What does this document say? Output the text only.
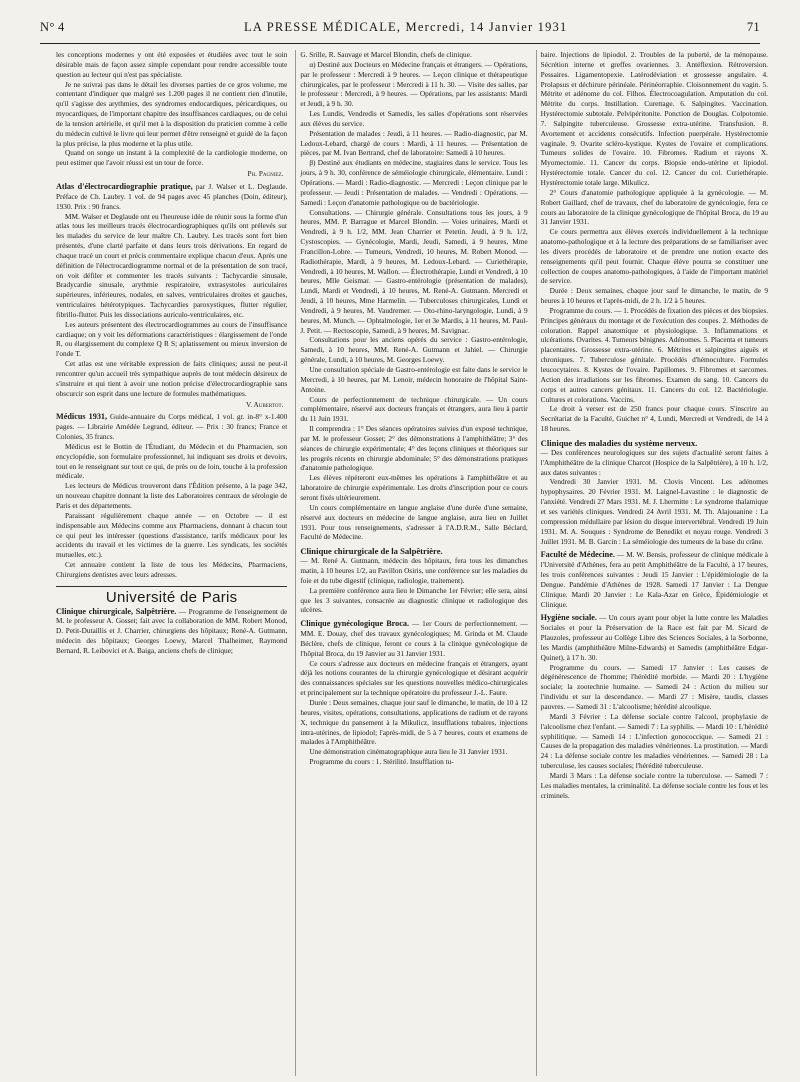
N° 4	LA PRESSE MÉDICALE, Mercredi, 14 Janvier 1931	71

les conceptions modernes y ont été exposées et étudiées avec tout le soin désirable mais de façon assez simple cependant pour rendre accessible toute question au lecteur qui n'est pas spécialiste.

Je ne suivrai pas dans le détail les diverses parties de ce gros volume, me contentant d'indiquer que malgré ses 1.200 pages il ne contient rien d'inutile, qu'il s'agisse des arythmies, des syndromes endocardiques, péricardiques, ou myocardiques, de l'important chapitre des insuffisances cardiaques, ou de celui de la tension artérielle, et qu'il met à la disposition du praticien comme à celle du médecin cultivé le livre qui leur permet d'être renseigné et guidé de la façon la plus précise, la plus moderne et la plus utile.

Quand on songe un instant à la complexité de la cardiologie moderne, on peut estimer que l'avoir réussi est un tour de force.

Ph. Pagniez.

Atlas d'électrocardiographie pratique, par J. Walser et L. Deglaude. Préface de Ch. Laubry. 1 vol. de 94 pages avec 45 planches (Doin, éditeur), 1930. Prix : 90 francs.

MM. Walser et Deglaude ont eu l'heureuse idée de réunir sous la forme d'un atlas tous les meilleurs tracés électrocardiographiques qu'ils ont prélevés sur les malades du service de leur maître Ch. Laubry. Les tracés sont fort bien présentés, d'une clarté parfaite et dans leurs trois dérivations. En regard de chaque tracé un court et précis commentaire explique chacun d'eux. Après une définition de l'électrocardiogramme normal et de la présentation de son tracé, on voit défiler et commenter les tracés suivants : Tachycardie sinusale, Bradycardie sinusale, arythmie respiratoire, extrasystoles auriculaires supérieures, inférieures, nodales, en salves, ventriculaires droites et gauches, ventriculaires hétérotypiques. Tachycardies paroxystiques, flutter régulier, fibrillo-flutter. Puis les dissociations auriculo-ventriculaires, etc.

Les auteurs présentent des électrocardiogrammes au cours de l'insuffisance cardiaque; on y voit les déformations caractéristiques : élargissement de l'onde R, ou élargissement du complexe Q R S; aplatissement ou mieux inversion de l'onde T.

Cet atlas est une véritable expression de faits cliniques; aussi ne peut-il rencontrer qu'un accueil très sympathique auprès de tout médecin désireux de s'instruire et qui tient à avoir une notion précise d'électrocardiographie sans obscurcir son esprit dans une lecture de formules mathématiques.

V. Aubertot.

Médicus 1931, Guide-annuaire du Corps médical, 1 vol. gr. in-8° x-1.400 pages. — Librairie Amédée Legrand, éditeur. — Prix : 30 francs; France et Colonies, 35 francs.

Médicus est le Bottin de l'Étudiant, du Médecin et du Pharmacien, son encyclopédie, son formulaire professionnel, lui indiquant ses droits et devoirs, tout en le renseignant sur tout ce qui, de près ou de loin, touche à la profession médicale.

Les lecteurs de Médicus trouveront dans l'Édition présente, à la page 342, un nouveau chapitre donnant la liste des Laboratoires centraux de sérologie de Paris et des départements.

Paraissant régulièrement chaque année — en Octobre — il est indispensable aux Médecins comme aux Pharmaciens, donnant à chacun tout ce qui peut les intéresser (questions d'assistance, tarifs médicaux pour les accidents du travail et les victimes de la guerre. Les syndicats, les sociétés mutuelles, etc.).

Cet annuaire contient la liste de tous les Médecins, Pharmaciens, Chirurgiens dentistes avec leurs adresses.

Université de Paris

Clinique chirurgicale, Salpêtrière. — Programme de l'enseignement de M. le professeur A. Gosset; fait avec la collaboration de MM. Robert Monod, D. Petit-Dutaillis et J. Charrier, chirurgiens des hôpitaux; René-A. Gutmann, médecin des hôpitaux; Georges Loewy, Marcel Thalheimer, Raymond Bernard, R. Leibovici et A. Baiga, anciens chefs de clinique;

G. Srille, R. Sauvage et Marcel Blondin, chefs de clinique.

α) Destiné aux Docteurs en Médecine français et étrangers. — Opérations, par le professeur : Mercredi à 9 heures. — Leçon clinique et thérapeutique chirurgicales, par le professeur : Mercredi à 11 h. 30. — Visite des salles, par le professeur : Mercredi, à 9 heures. — Opérations, par les assistants: Mardi et Jeudi, à 9 h. 30.

Les Lundis, Vendredis et Samedis, les salles d'opérations sont réservées aux élèves du service.

Présentation de malades : Jeudi, à 11 heures. — Radio-diagnostic, par M. Ledoux-Lebard, chargé de cours : Mardi, à 11 heures. — Présentation de pièces, par M. Ivan Bertrand, chef de laboratoire: Samedi à 10 heures.

β) Destiné aux étudiants en médecine, stagiaires dans le service. Tous les jours, à 9 h. 30, conférence de séméiologie chirurgicale, élémentaire. Lundi : Opérations. — Mardi : Radio-diagnostic. — Mercredi : Leçon clinique par le professeur. — Jeudi : Présentation de malades. — Vendredi : Opérations. — Samedi : Leçon d'anatomie pathologique ou de bactériologie.

Consultations. — Chirurgie générale. Consultations tous les jours, à 9 heures, MM. P. Barrague et Marcel Blondin. — Voies urinaires, Mardi et Vendredi, à 9 h. 1/2, MM. Jean Charrier et Petetin. Jeudi, à 9 h. 1/2, Cystoscopies. — Gynécologie, Mardi, Jeudi, Samedi, à 9 heures, Mme Francillon-Lobre. — Tumeurs, Vendredi, 10 heures, M. Robert Monod. — Radiothérapie, Mardi, à 9 heures, M. Ledoux-Lebard. — Curiethérapie, Vendredi, à 10 heures, M. Wallon. — Électrothérapie, Lundi et Vendredi, à 10 heures, Mlle Geismar. — Gastro-entérologie (présentation de malades), Lundi, Mardi et Vendredi, à 10 heures, M. René-A. Gutmann. Mercredi et Jeudi, à 10 heures, Mme Harmelin. — Tuberculoses chirurgicales, Lundi et Vendredi, à 9 heures, M. Vaudremer. — Oto-rhino-laryngologie, Lundi, à 9 heures, M. Munch. — Ophtalmologie, 1er et 3e Mardis, à 11 heures, M. Paul-J. Petit. — Rectoscopie, Samedi, à 9 heures, M. Savignac.

Consultations pour les anciens opérés du service : Gastro-entérologie, Samedi, à 10 heures, MM. René-A. Gutmann et Jahiel. — Chirurgie générale, Lundi, à 10 heures, M. Georges Loewy.

Une consultation spéciale de Gastro-entérologie est faite dans le service le Mercredi, à 10 heures, par M. Lenoir, médecin honoraire de l'hôpital Saint-Antoine.

Cours de perfectionnement de technique chirurgicale. — Un cours complémentaire, réservé aux docteurs français et étrangers, aura lieu à partir du 11 Juin 1931.

Il comprendra : 1° Des séances opératoires suivies d'un exposé technique, par M. le professeur Gosset; 2° des démonstrations à l'amphithéâtre; 3° des séances de chirurgie expérimentale; 4° des leçons cliniques et théoriques sur les progrès récents en chirurgie abdominale; 5° des démonstrations pratiques d'anatomie pathologique.

Les élèves répèteront eux-mêmes les opérations à l'amphithéâtre et au laboratoire de chirurgie expérimentale. Les droits d'inscription pour ce cours seront fixés ultérieurement.

Un cours complémentaire en langue anglaise d'une durée d'une semaine, réservé aux docteurs en médecine de langue anglaise, aura lieu en Juillet 1931. Pour tous renseignements, s'adresser à l'A.D.R.M., Salle Béclard, Faculté de Médecine.

Clinique chirurgicale de la Salpêtrière.

— M. René A. Gutmann, médecin des hôpitaux, fera tous les dimanches matin, à 10 heures 1/2, au Pavillon Osiris, une conférence sur les maladies du foie et du tube digestif (clinique, radiologie, traitement).

La première conférence aura lieu le Dimanche 1er Février; elle sera, ainsi que les 3 suivantes, consacrée au diagnostic clinique et radiologique des ulcères.

Clinique gynécologique Broca. — 1er Cours de perfectionnement. — MM. E. Douay, chef des travaux gynécologiques; M. Grinda et M. Claude Béclère, chefs de clinique, feront ce cours à la clinique gynécologique de l'hôpital Broca, du 19 Janvier au 31 Janvier 1931.

Ce cours s'adresse aux docteurs en médecine français et étrangers, ayant déjà les notions courantes de la chirurgie gynécologique et désirant acquérir des connaissances spéciales sur les questions nouvelles médico-chirurgicales et principalement sur la technique opératoire du professeur J.-L. Faure.

Durée : Deux semaines, chaque jour sauf le dimanche, le matin, de 10 à 12 heures, visites, opérations, consultations, applications de radium et de rayons X, technique du pansement à la Mikulicz, insufflations tubaires, injections intra-utérines, de lipiodol; l'après-midi, de 5 à 7 heures, cours et examens de malades à l'Amphithéâtre.

Une démonstration cinématographique aura lieu le 31 Janvier 1931.

Programme du cours : 1. Stérilité. Insufflation tu-

baire. Injections de lipiodol. 2. Troubles de la puberté, de la ménopause. Sécrétion interne et greffes ovariennes. 3. Antéflexion. Rétroversion. Pessaires. Ligamentopexie. Latérodéviation et grossesse angulaire. 4. Prolapsus et déchirure périnéale. Périnéorraphie. Cloisonnement du vagin. 5. Métrite et adénome du col. Filhos. Électrocoagulation. Amputation du col. Métrite du corps. Instillation. Curettage. 6. Salpingites. Vaccination. Hystérectomie subtotale. Pelvipéritonite. Ponction de Douglas. Colpotomie. 7. Salpingite tuberculeuse. Grossesse extra-utérine. Transfusion. 8. Avortement et accidents consécutifs. Infection puerpérale. Hystérectomie vaginale. 9. Ovarite scléro-kystique. Kystes de l'ovaire et complications. Tumeurs solides de l'ovaire. 10. Fibromes. Radium et rayons X. Myomectomie. 11. Cancer du corps. Biopsie endo-utérine et lipiodol. Hystérectomie totale. Cancer du col. 12. Cancer du col. Curiethérapie. Hystérectomie totale large. Mikulicz.

2° Cours d'anatomie pathologique appliquée à la gynécologie. — M. Robert Gaillard, chef de travaux, chef du laboratoire de gynécologie, fera ce cours au laboratoire de la clinique gynécologique de l'hôpital Broca, du 19 au 31 Janvier 1931.

Ce cours permettra aux élèves exercés individuellement à la technique anatomo-pathologique et à la lecture des préparations de se familiariser avec les divers procédés de laboratoire et de prendre une notion exacte des renseignements qu'il peut fournir. Chaque élève pourra se constituer une collection de coupes anatomo-pathologiques, à l'aide de l'important matériel de service.

Durée : Deux semaines, chaque jour sauf le dimanche, le matin, de 9 heures à 10 heures et l'après-midi, de 2 h. 1/2 à 5 heures.

Programme du cours. — 1. Procédés de fixation des pièces et des biopsies. Principes généraux du montage et de l'exécution des coupes. 2. Méthodes de coloration. Rappel anatomique et physiologique. 3. Inflammations et ulcérations. Ovarites. 4. Tumeurs bénignes. Adénomes. 5. Placenta et tumeurs placentaires. Grossesse extra-utérine. 6. Métrites et salpingites aiguës et chroniques. 7. Tuberculose génitale. Procédés d'hémoculture. Formules leucocytaires. 8. Kystes de l'ovaire. Papillomes. 9. Fibromes et sarcomes. Action des irradiations sur les fibromes. Examen du sang. 10. Cancers du corps et autres cancers génitaux. 11. Cancers du col. 12. Bactériologie. Cultures et colorations. Vaccins.

Le droit à verser est de 250 francs pour chaque cours. S'inscrire au Secrétariat de la Faculté, Guichet n° 4, Lundi, Mercredi et Vendredi, de 14 à 18 heures.

Clinique des maladies du système nerveux.

— Des conférences neurologiques sur des sujets d'actualité seront faites à l'Amphithéâtre de la clinique Charcot (Hospice de la Salpêtrière), à 10 h. 1/2, aux dates suivantes :

Vendredi 30 Janvier 1931. M. Clovis Vincent. Les adénomes hypophysaires. 20 Février 1931. M. Laignel-Lavastine : le diagnostic de l'anxiété. Vendredi 27 Mars 1931. M. J. Lhermitte : Le syndrome thalamique et ses variétés cliniques. Vendredi 24 Avril 1931. M. Th. Alajouanine : La compression médullaire par lésion du disque intervertébral. Vendredi 19 Juin 1931. M. A. Souques : Syndrome de Benedikt et noyau rouge. Vendredi 3 Juillet 1931. M. B. Garcin : La séméiologie des tumeurs de la base du crâne.

Faculté de Médecine. — M. W. Bensis, professeur de clinique médicale à l'Université d'Athènes, fera au petit Amphithéâtre de la Faculté, à 17 heures, les trois conférences suivantes : Jeudi 15 Janvier : L'épidémiologie de la Dengue. Pandémie d'Athènes de 1928. Samedi 17 Janvier : La Dengue Clinique. Mardi 20 Janvier : Le Kala-Azar en Grèce, Épidémiologie et Clinique.

Hygiène sociale. — Un cours ayant pour objet la lutte contre les Maladies Sociales et pour la Préservation de la Race est fait par M. Sicard de Plauzoles, professeur au Collège Libre des Sciences Sociales, à la Sorbonne, les Mardis (amphithéâtre Milne-Edwards) et Samedis (amphithéâtre Edgar-Quinet), à 17 h. 30.

Programme du cours. — Samedi 17 Janvier : Les causes de dégénérescence de l'homme; l'hérédité morbide. — Mardi 20 : L'hygiène sociale; la zootechnie humaine. — Samedi 24 : Action du milieu sur l'individu et sur la descendance. — Mardi 27 : Misère, taudis, classes pauvres. — Samedi 31 : L'alcoolisme; hérédité alcoolique.

Mardi 3 Février : La défense sociale contre l'alcool, prophylaxie de l'alcoolisme chez l'enfant. — Samedi 7 : La syphilis. — Mardi 10 : L'hérédité syphilitique. — Samedi 14 : L'infection gonococcique. — Samedi 21 : Causes de la propagation des maladies vénériennes. La prostitution. — Mardi 24 : La défense sociale contre les maladies vénériennes. — Samedi 28 : La tuberculose, les causes sociales; l'hérédité tuberculeuse.

Mardi 3 Mars : La défense sociale contre la tuberculose. — Samedi 7 : Les maladies mentales, la criminalité. La défense sociale contre les fous et les criminels.
